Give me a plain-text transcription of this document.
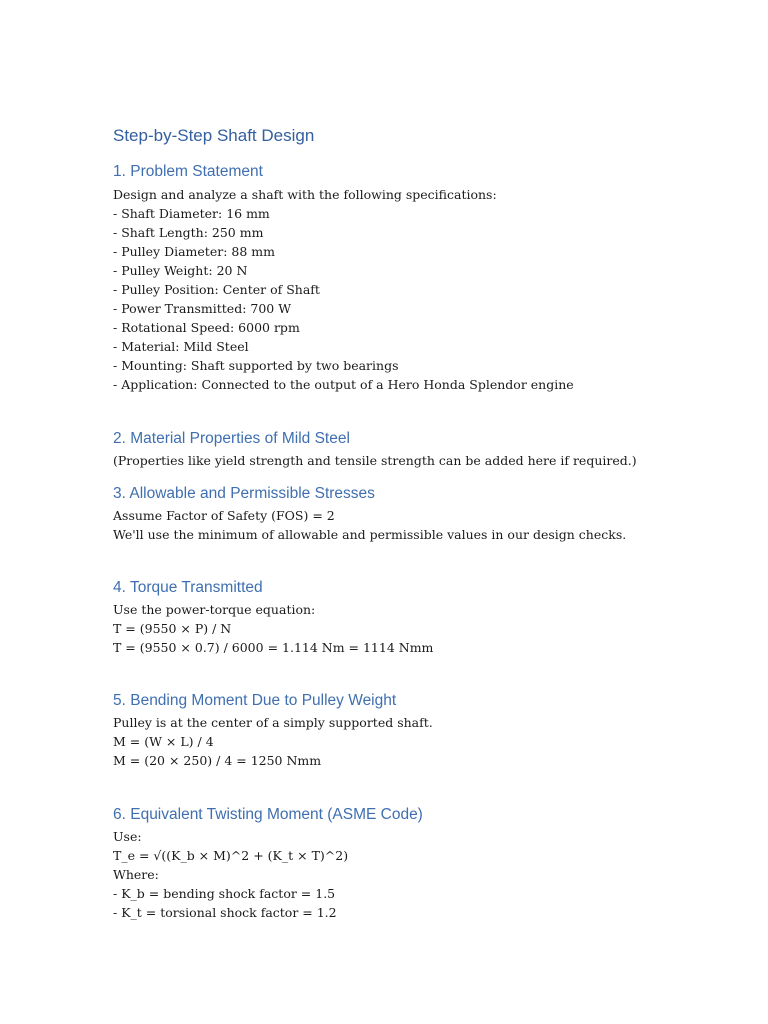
Step-by-Step Shaft Design
1. Problem Statement
Design and analyze a shaft with the following specifications:
- Shaft Diameter: 16 mm
- Shaft Length: 250 mm
- Pulley Diameter: 88 mm
- Pulley Weight: 20 N
- Pulley Position: Center of Shaft
- Power Transmitted: 700 W
- Rotational Speed: 6000 rpm
- Material: Mild Steel
- Mounting: Shaft supported by two bearings
- Application: Connected to the output of a Hero Honda Splendor engine
2. Material Properties of Mild Steel
(Properties like yield strength and tensile strength can be added here if required.)
3. Allowable and Permissible Stresses
Assume Factor of Safety (FOS) = 2
We'll use the minimum of allowable and permissible values in our design checks.
4. Torque Transmitted
Use the power-torque equation:
T = (9550 × P) / N
T = (9550 × 0.7) / 6000 = 1.114 Nm = 1114 Nmm
5. Bending Moment Due to Pulley Weight
Pulley is at the center of a simply supported shaft.
M = (W × L) / 4
M = (20 × 250) / 4 = 1250 Nmm
6. Equivalent Twisting Moment (ASME Code)
Use:
T_e = √((K_b × M)^2 + (K_t × T)^2)
Where:
- K_b = bending shock factor = 1.5
- K_t = torsional shock factor = 1.2
